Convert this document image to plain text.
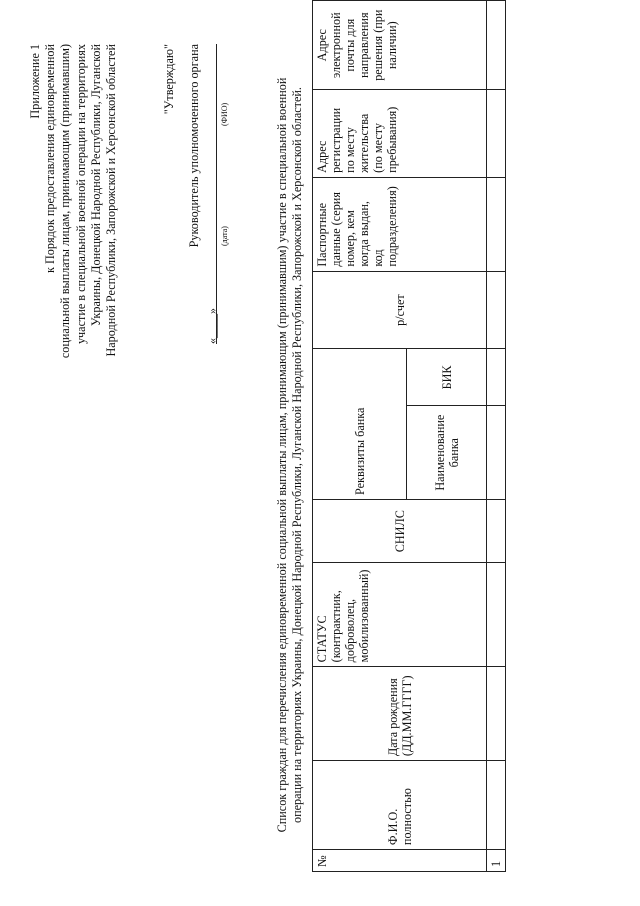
Приложение 1 к Порядок предоставления единовременной социальной выплаты лицам, принимающим (принимавшим) участие в специальной военной операции на территориях Украины, Донецкой Народной Республики, Луганской Народной Республики, Запорожской и Херсонской областей	"Утверждаю" Руководитель уполномоченного органа
«____»
(дата)
(ФИО)	Список граждан для перечисления единовременной социальной выплаты лицам, принимающим (принимавшим) участие в специальной военной операции на территориях Украины, Донецкой Народной Республики, Луганской Народной Республики, Запорожской и Херсонской областей.
№	Ф.И.О. полностью	Дата рождения (ДД.ММ.ГГГГ)	СТАТУС (контрактник, доброволец, мобилизованный)	СНИЛС	Реквизиты банка		р/счет	Паспортные данные (серия номер, кем когда выдан, код подразделения)	Адрес регистрации по месту жительства (по месту пребывания)	Адрес электронной почты для направления решения (при наличии)
					Наименование банка	БИК				
1										
